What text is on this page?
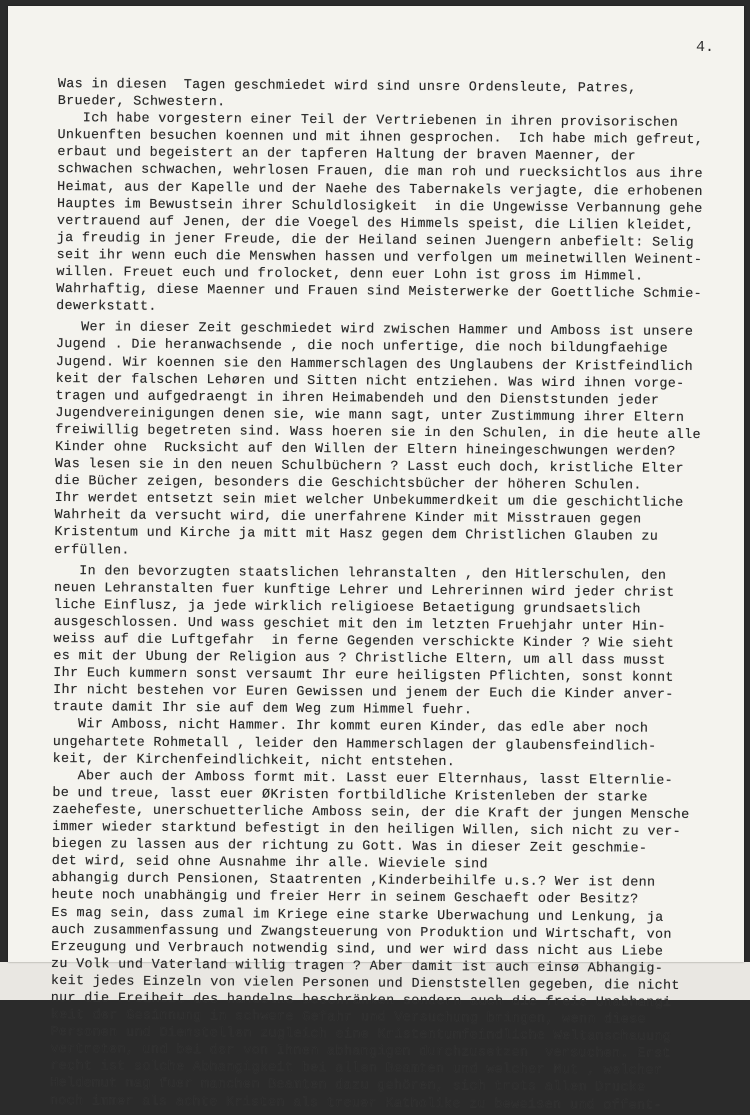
4.
Was in diesen  Tagen geschmiedet wird sind unsre Ordensleute, Patres,
Brueder, Schwestern.
Ich habe vorgestern einer Teil der Vertriebenen in ihren provisorischen
Unkuenften besuchen koennen und mit ihnen gesprochen.  Ich habe mich gefreut,
erbaut und begeistert an der tapferen Haltung der braven Maenner, der
schwachen schwachen, wehrlosen Frauen, die man roh und ruecksichtlos aus ihre
Heimat, aus der Kapelle und der Naehe des Tabernakels verjagte, die erhobenen
Hauptes im Bewustsein ihrer Schuldlosigkeit  in die Ungewisse Verbannung gehe
vertrauend auf Jenen, der die Voegel des Himmels speist, die Lilien kleidet,
ja freudig in jener Freude, die der Heiland seinen Juengern anbefielt: Selig
seit ihr wenn euch die Menswhen hassen und verfolgen um meinetwillen Weinent-
willen. Freuet euch und frolocket, denn euer Lohn ist gross im Himmel.
Wahrhaftig, diese Maenner und Frauen sind Meisterwerke der Goettliche Schmie-
dewerkstatt.
Wer in dieser Zeit geschmiedet wird zwischen Hammer und Amboss ist unsere
Jugend . Die heranwachsende , die noch unfertige, die noch bildungfaehige
Jugend. Wir koennen sie den Hammerschlagen des Unglaubens der Kristfeindlich
keit der falschen Lehøren und Sitten nicht entziehen. Was wird ihnen vorge-
tragen und aufgedraengt in ihren Heimabendeh und den Dienststunden jeder
Jugendvereinigungen denen sie, wie mann sagt, unter Zustimmung ihrer Eltern
freiwillig begetreten sind. Wass hoeren sie in den Schulen, in die heute alle
Kinder ohne  Rucksicht auf den Willen der Eltern hineingeschwungen werden?
Was lesen sie in den neuen Schulbüchern ? Lasst euch doch, kristliche Elter
die Bücher zeigen, besonders die Geschichtsbücher der höheren Schulen.
Ihr werdet entsetzt sein miet welcher Unbekummerdkeit um die geschichtliche
Wahrheit da versucht wird, die unerfahrene Kinder mit Misstrauen gegen
Kristentum und Kirche ja mitt mit Hasz gegen dem Christlichen Glauben zu
erfüllen.
In den bevorzugten staatslichen lehranstalten , den Hitlerschulen, den
neuen Lehranstalten fuer kunftige Lehrer und Lehrerinnen wird jeder christ
liche Einflusz, ja jede wirklich religioese Betaetigung grundsaetslich
ausgeschlossen. Und wass geschiet mit den im letzten Fruehjahr unter Hin-
weiss auf die Luftgefahr  in ferne Gegenden verschickte Kinder ? Wie sieht
es mit der Ubung der Religion aus ? Christliche Eltern, um all dass musst
Ihr Euch kummern sonst versaumt Ihr eure heiligsten Pflichten, sonst konnt
Ihr nicht bestehen vor Euren Gewissen und jenem der Euch die Kinder anver-
traute damit Ihr sie auf dem Weg zum Himmel fuehr.
Wir Amboss, nicht Hammer. Ihr kommt euren Kinder, das edle aber noch
ungehartete Rohmetall , leider den Hammerschlagen der glaubensfeindlich-
keit, der Kirchenfeindlichkeit, nicht entstehen.
Aber auch der Amboss formt mit. Lasst euer Elternhaus, lasst Elternlie-
be und treue, lasst euer ØKristen fortbildliche Kristenleben der starke
zaehefeste, unerschuetterliche Amboss sein, der die Kraft der jungen Mensche
immer wieder starktund befestigt in den heiligen Willen, sich nicht zu ver-
biegen zu lassen aus der richtung zu Gott. Was in dieser Zeit geschmie-
det wird, seid ohne Ausnahme ihr alle. Wieviele sind
abhangig durch Pensionen, Staatrenten ,Kinderbeihilfe u.s.? Wer ist denn
heute noch unabhängig und freier Herr in seinem Geschaeft oder Besitz?
Es mag sein, dass zumal im Kriege eine starke Uberwachung und Lenkung, ja
auch zusammenfassung und Zwangsteuerung von Produktion und Wirtschaft, von
Erzeugung und Verbrauch notwendig sind, und wer wird dass nicht aus Liebe
zu Volk und Vaterland willig tragen ? Aber damit ist auch einsø Abhangig-
keit jedes Einzeln von vielen Personen und Dienststellen gegeben, die nicht
nur die Freiheit des handelns beschränken sondern auch die freie Unabhangi
keit der Gesinnung in schwere Gefahr und Versuchung bringen, wenn diese
Personen und Dienstellen zugleich eine Kristentumfeindliche Weltanschauung
vertreten, und bei der von Ihnen abhangigen durchzusetzen  versuchen. Erst
recht ist solche Abhangigkeit bei allen Beamten und welcher Mut , welcher
Heldemut mag fuer manchen Beamten dazu gehören, sich trots allem Drucke
noch immer als achte Kristen als treuer Katholike zu beweisen und offent-
